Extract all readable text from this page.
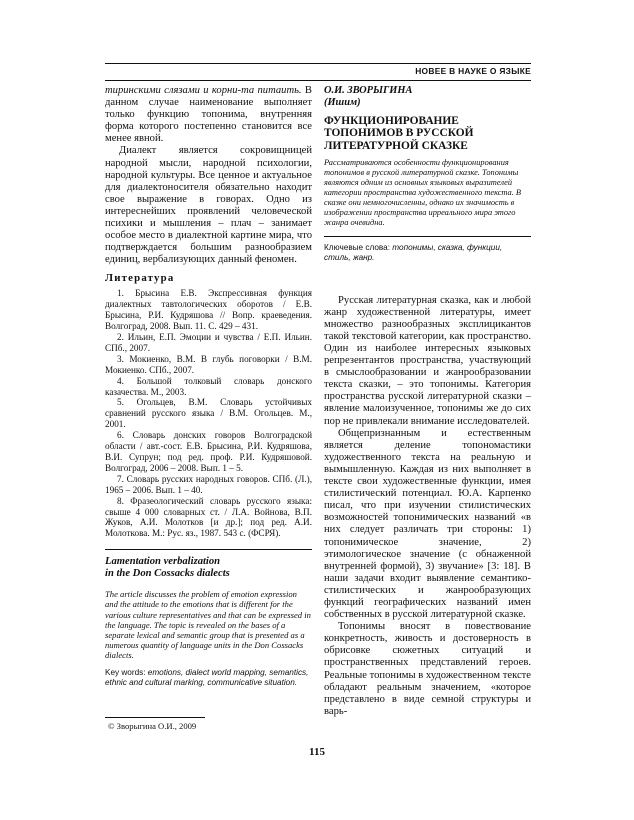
НОВЕЕ В НАУКЕ О ЯЗЫКЕ

тиринскими слязами и корни-та питаить. В данном случае наименование выполняет только функцию топонима, внутренняя форма которого постепенно становится все менее явной.

Диалект является сокровищницей народной мысли, народной психологии, народной культуры. Все ценное и актуальное для диалектоносителя обязательно находит свое выражение в говорах. Одно из интереснейших проявлений человеческой психики и мышления – плач – занимает особое место в диалектной картине мира, что подтверждается большим разнообразием единиц, вербализующих данный феномен.

Литература
1. Брысина Е.В. Экспрессивная функция диалектных тавтологических оборотов / Е.В. Брысина, Р.И. Кудряшова // Вопр. краеведения. Волгоград, 2008. Вып. 11. С. 429 – 431.
2. Ильин, Е.П. Эмоции и чувства / Е.П. Ильин. СПб., 2007.
3. Мокиенко, В.М. В глубь поговорки / В.М. Мокиенко. СПб., 2007.
4. Большой толковый словарь донского казачества. М., 2003.
5. Огольцев, В.М. Словарь устойчивых сравнений русского языка / В.М. Огольцев. М., 2001.
6. Словарь донских говоров Волгоградской области / авт.-сост. Е.В. Брысина, Р.И. Кудряшова, В.И. Супрун; под ред. проф. Р.И. Кудряшовой. Волгоград, 2006 – 2008. Вып. 1 – 5.
7. Словарь русских народных говоров. СПб. (Л.), 1965 – 2006. Вып. 1 – 40.
8. Фразеологический словарь русского языка: свыше 4 000 словарных ст. / Л.А. Войнова, В.П. Жуков, А.И. Молотков [и др.]; под ред. А.И. Молоткова. М.: Рус. яз., 1987. 543 с. (ФСРЯ).
Lamentation verbalization
in the Don Cossacks dialects

The article discusses the problem of emotion expression and the attitude to the emotions that is different for the various culture representatives and that can be expressed in the language. The topic is revealed on the bases of a separate lexical and semantic group that is presented as a numerous quantity of language units in the Don Cossacks dialects.

Key words: emotions, dialect world mapping, semantics, ethnic and cultural marking, communicative situation.

О.И. ЗВОРЫГИНА
(Ишим)
ФУНКЦИОНИРОВАНИЕ
ТОПОНИМОВ В РУССКОЙ
ЛИТЕРАТУРНОЙ СКАЗКЕ

Рассматриваются особенности функционирования топонимов в русской литературной сказке. Топонимы являются одним из основных языковых выразителей категории пространства художественного текста. В сказке они немногочисленны, однако их значимость в изображении пространства ирреального мира этого жанра очевидна.

Ключевые слова: топонимы, сказка, функции, стиль, жанр.

Русская литературная сказка, как и любой жанр художественной литературы, имеет множество разнообразных эксплицикантов такой текстовой категории, как пространство. Один из наиболее интересных языковых репрезентантов пространства, участвующий в смыслообразовании и жанрообразовании текста сказки, – это топонимы. Категория пространства русской литературной сказки – явление малоизученное, топонимы же до сих пор не привлекали внимание исследователей.

Общепризнанным и естественным является деление топономастики художественного текста на реальную и вымышленную. Каждая из них выполняет в тексте свои художественные функции, имея стилистический потенциал. Ю.А. Карпенко писал, что при изучении стилистических возможностей топонимических названий «в них следует различать три стороны: 1) топонимическое значение, 2) этимологическое значение (с обнаженной внутренней формой), 3) звучание» [3: 18]. В наши задачи входит выявление семантико-стилистических и жанрообразующих функций географических названий имен собственных в русской литературной сказке.

Топонимы вносят в повествование конкретность, живость и достоверность в обрисовке сюжетных ситуаций и пространственных представлений героев. Реальные топонимы в художественном тексте обладают реальным значением, «которое представлено в виде семной структуры и варь-

© Зворыгина О.И., 2009
115
